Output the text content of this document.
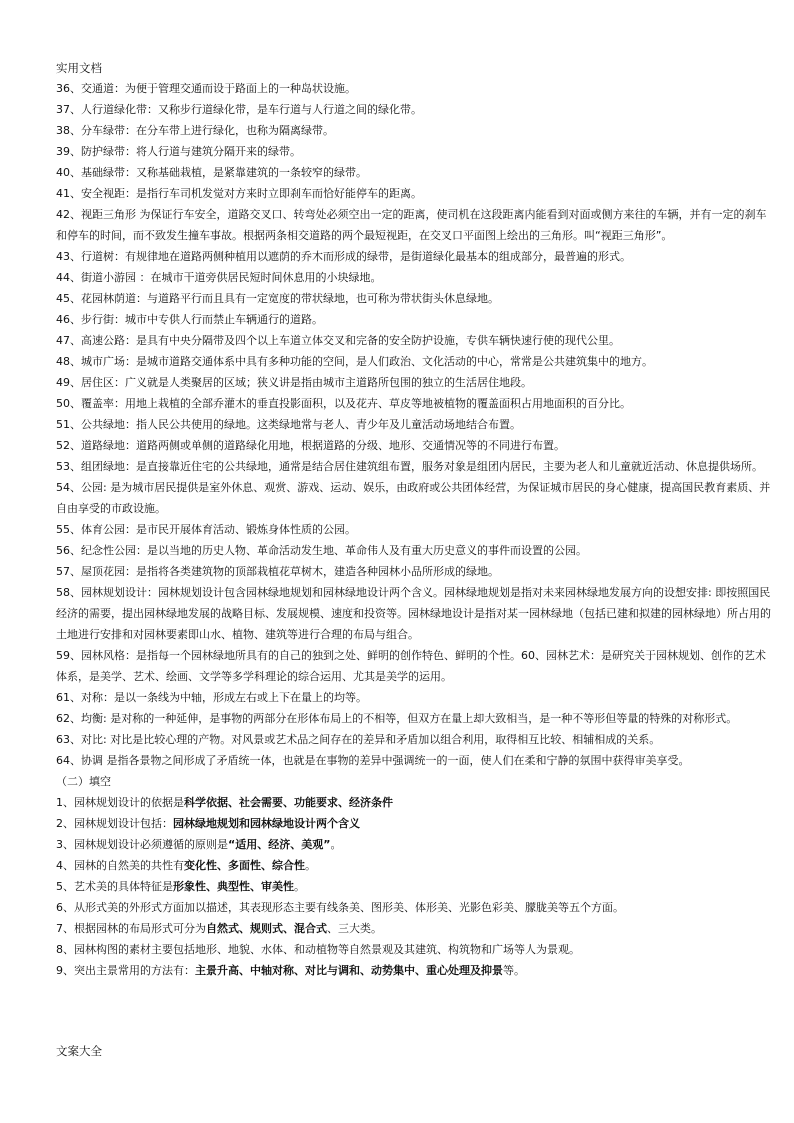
实用文档

36、交通道：为便于管理交通而设于路面上的一种岛状设施。

37、人行道绿化带：又称步行道绿化带，是车行道与人行道之间的绿化带。

38、分车绿带：在分车带上进行绿化，也称为隔离绿带。

39、防护绿带：将人行道与建筑分隔开来的绿带。

40、基础绿带：又称基础栽植，是紧靠建筑的一条较窄的绿带。

41、安全视距：是指行车司机发觉对方来时立即刹车而恰好能停车的距离。

42、视距三角形 为保证行车安全，道路交叉口、转弯处必须空出一定的距离，使司机在这段距离内能看到对面或侧方来往的车辆，并有一定的刹车和停车的时间，而不致发生撞车事故。根据两条相交道路的两个最短视距，在交叉口平面图上绘出的三角形。叫“视距三角形”。

43、行道树：有规律地在道路两侧种植用以遮荫的乔木而形成的绿带，是街道绿化最基本的组成部分，最普遍的形式。

44、街道小游园 ：在城市干道旁供居民短时间休息用的小块绿地。

45、花园林荫道：与道路平行而且具有一定宽度的带状绿地，也可称为带状街头休息绿地。

46、步行街：城市中专供人行而禁止车辆通行的道路。

47、高速公路：是具有中央分隔带及四个以上车道立体交叉和完备的安全防护设施，专供车辆快速行使的现代公里。

48、城市广场：是城市道路交通体系中具有多种功能的空间，是人们政治、文化活动的中心，常常是公共建筑集中的地方。

49、居住区：广义就是人类聚居的区域；狭义讲是指由城市主道路所包围的独立的生活居住地段。

50、覆盖率：用地上栽植的全部乔灌木的垂直投影面积，以及花卉、草皮等地被植物的覆盖面积占用地面积的百分比。

51、公共绿地：指人民公共使用的绿地。这类绿地常与老人、青少年及儿童活动场地结合布置。

52、道路绿地：道路两侧或单侧的道路绿化用地，根据道路的分级、地形、交通情况等的不同进行布置。

53、组团绿地：是直接靠近住宅的公共绿地，通常是结合居住建筑组布置，服务对象是组团内居民，主要为老人和儿童就近活动、休息提供场所。

54、公园: 是为城市居民提供是室外休息、观赏、游戏、运动、娱乐，由政府或公共团体经营，为保证城市居民的身心健康，提高国民教育素质、并自由享受的市政设施。

55、体育公园：是市民开展体育活动、锻炼身体性质的公园。

56、纪念性公园：是以当地的历史人物、革命活动发生地、革命伟人及有重大历史意义的事件而设置的公园。

57、屋顶花园：是指将各类建筑物的顶部栽植花草树木，建造各种园林小品所形成的绿地。

58、园林规划设计：园林规划设计包含园林绿地规划和园林绿地设计两个含义。园林绿地规划是指对未来园林绿地发展方向的设想安排: 即按照国民经济的需要，提出园林绿地发展的战略目标、发展规模、速度和投资等。园林绿地设计是指对某一园林绿地（包括已建和拟建的园林绿地）所占用的土地进行安排和对园林要素即山水、植物、建筑等进行合理的布局与组合。

59、园林风格：是指每一个园林绿地所具有的自己的独到之处、鲜明的创作特色、鲜明的个性。60、园林艺术：是研究关于园林规划、创作的艺术体系，是美学、艺术、绘画、文学等多学科理论的综合运用、尤其是美学的运用。

61、对称：是以一条线为中轴，形成左右或上下在量上的均等。

62、均衡: 是对称的一种延伸，是事物的两部分在形体布局上的不相等，但双方在量上却大致相当，是一种不等形但等量的特殊的对称形式。

63、对比: 对比是比较心理的产物。对风景或艺术品之间存在的差异和矛盾加以组合利用，取得相互比较、相辅相成的关系。

64、协调 是指各景物之间形成了矛盾统一体，也就是在事物的差异中强调统一的一面，使人们在柔和宁静的氛围中获得审美享受。

（二）填空

1、园林规划设计的依据是科学依据、社会需要、功能要求、经济条件

2、园林规划设计包括：园林绿地规划和园林绿地设计两个含义

3、园林规划设计必须遵循的原则是“适用、经济、美观”。

4、园林的自然美的共性有变化性、多面性、综合性。

5、艺术美的具体特征是形象性、典型性、审美性。

6、从形式美的外形式方面加以描述，其表现形态主要有线条美、图形美、体形美、光影色彩美、朦胧美等五个方面。

7、根据园林的布局形式可分为自然式、规则式、混合式、三大类。

8、园林构图的素材主要包括地形、地貌、水体、和动植物等自然景观及其建筑、构筑物和广场等人为景观。

9、突出主景常用的方法有：主景升高、中轴对称、对比与调和、动势集中、重心处理及抑景等。

文案大全
